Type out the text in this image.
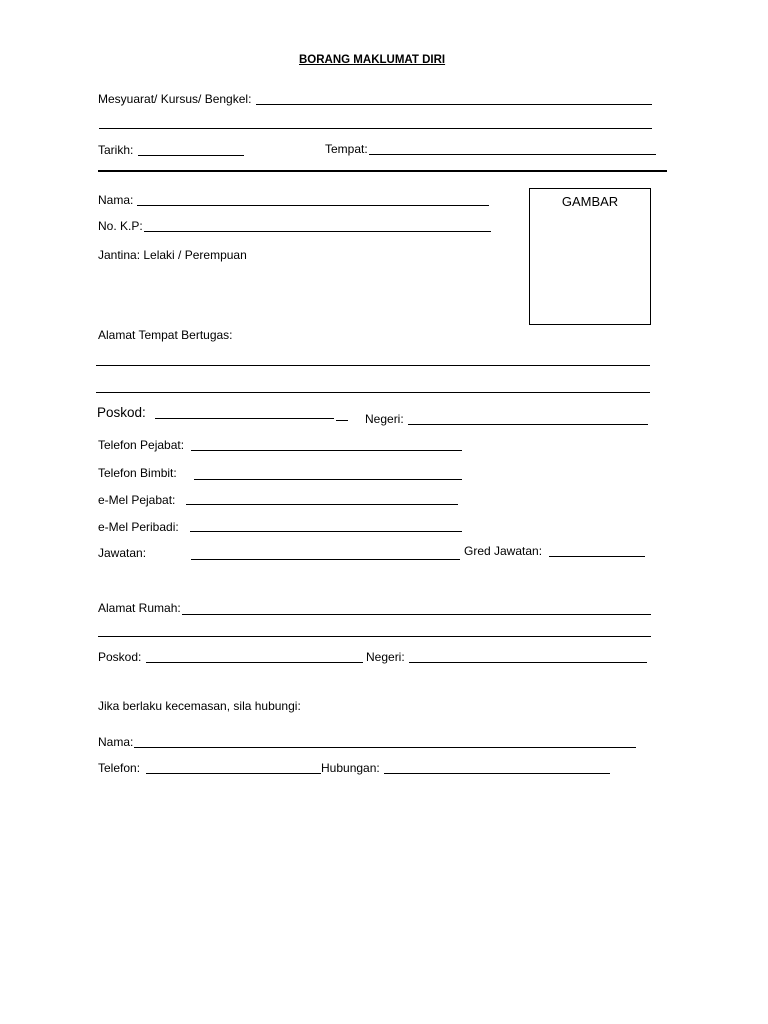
BORANG MAKLUMAT DIRI
Mesyuarat/ Kursus/ Bengkel:
Tarikh:	Tempat:
Nama:
No. K.P:
Jantina: Lelaki / Perempuan
GAMBAR
Alamat Tempat Bertugas:
Poskod:	Negeri:
Telefon Pejabat:
Telefon Bimbit:
e-Mel Pejabat:
e-Mel Peribadi:
Jawatan:	Gred Jawatan:
Alamat Rumah:
Poskod:	Negeri:
Jika berlaku kecemasan, sila hubungi:
Nama:
Telefon:	Hubungan:
